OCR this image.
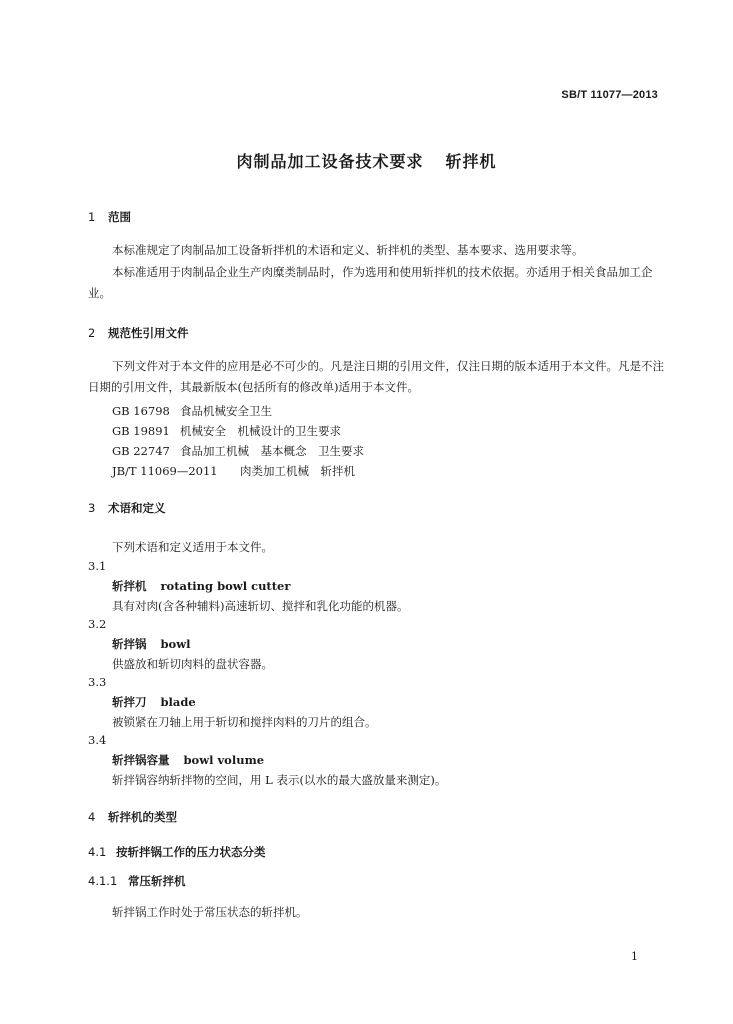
SB/T 11077—2013
肉制品加工设备技术要求 斩拌机
1 范围
本标准规定了肉制品加工设备斩拌机的术语和定义、斩拌机的类型、基本要求、选用要求等。
本标准适用于肉制品企业生产肉糜类制品时，作为选用和使用斩拌机的技术依据。亦适用于相关食品加工企业。
2 规范性引用文件
下列文件对于本文件的应用是必不可少的。凡是注日期的引用文件，仅注日期的版本适用于本文件。凡是不注日期的引用文件，其最新版本(包括所有的修改单)适用于本文件。
GB 16798 食品机械安全卫生
GB 19891 机械安全　机械设计的卫生要求
GB 22747 食品加工机械　基本概念　卫生要求
JB/T 11069—2011 肉类加工机械　斩拌机
3 术语和定义
下列术语和定义适用于本文件。
3.1
斩拌机 rotating bowl cutter
具有对肉(含各种辅料)高速斩切、搅拌和乳化功能的机器。
3.2
斩拌锅 bowl
供盛放和斩切肉料的盘状容器。
3.3
斩拌刀 blade
被锁紧在刀轴上用于斩切和搅拌肉料的刀片的组合。
3.4
斩拌锅容量 bowl volume
斩拌锅容纳斩拌物的空间，用 L 表示(以水的最大盛放量来测定)。
4 斩拌机的类型
4.1 按斩拌锅工作的压力状态分类
4.1.1 常压斩拌机
斩拌锅工作时处于常压状态的斩拌机。
1
